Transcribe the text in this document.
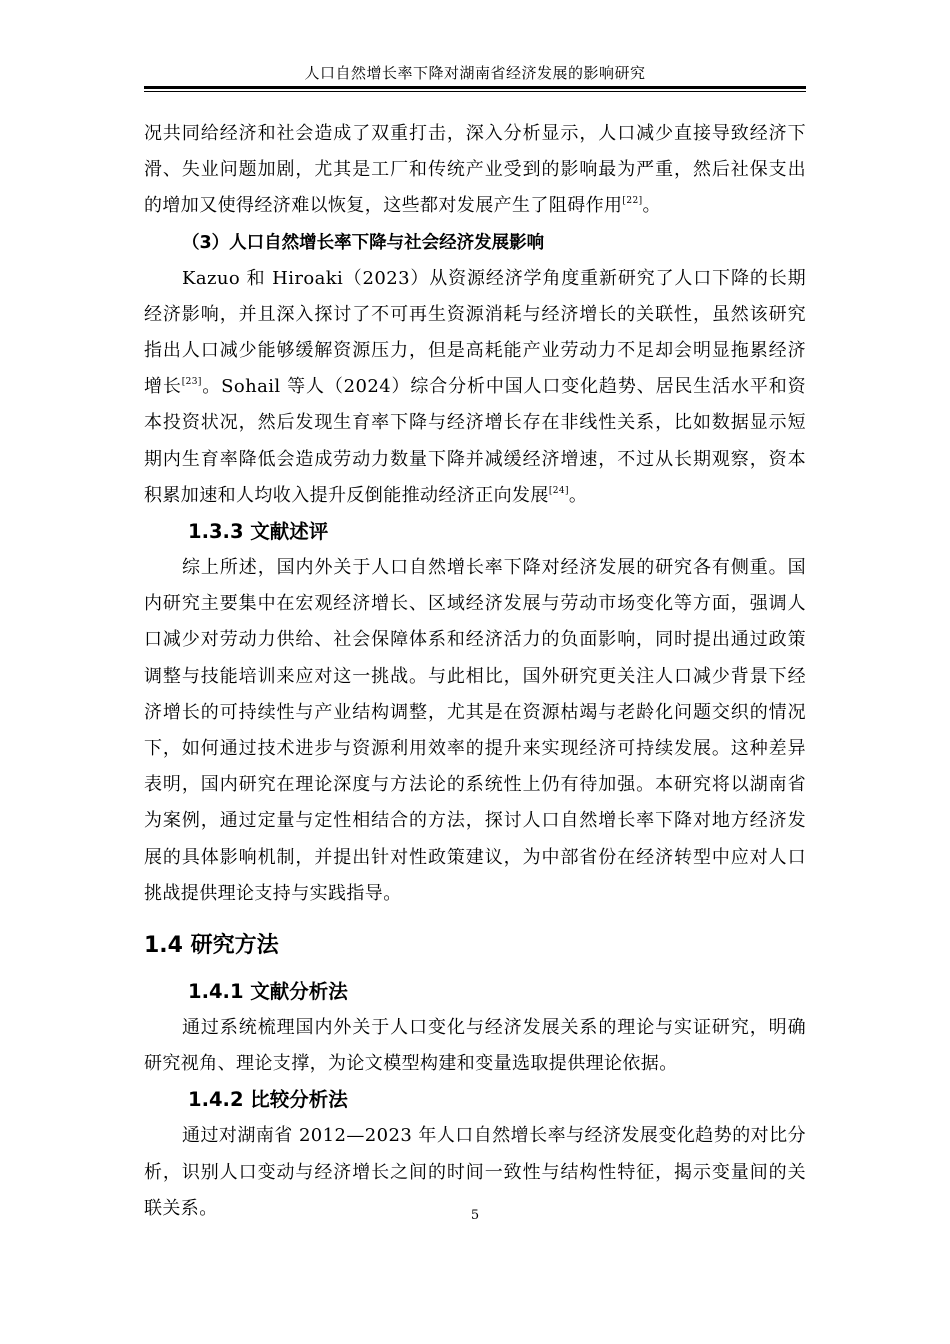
人口自然增长率下降对湖南省经济发展的影响研究

况共同给经济和社会造成了双重打击，深入分析显示，人口减少直接导致经济下滑、失业问题加剧，尤其是工厂和传统产业受到的影响最为严重，然后社保支出的增加又使得经济难以恢复，这些都对发展产生了阻碍作用[22]。

（3）人口自然增长率下降与社会经济发展影响

Kazuo 和 Hiroaki（2023）从资源经济学角度重新研究了人口下降的长期经济影响，并且深入探讨了不可再生资源消耗与经济增长的关联性，虽然该研究指出人口减少能够缓解资源压力，但是高耗能产业劳动力不足却会明显拖累经济增长[23]。Sohail 等人（2024）综合分析中国人口变化趋势、居民生活水平和资本投资状况，然后发现生育率下降与经济增长存在非线性关系，比如数据显示短期内生育率降低会造成劳动力数量下降并减缓经济增速，不过从长期观察，资本积累加速和人均收入提升反倒能推动经济正向发展[24]。

1.3.3 文献述评

综上所述，国内外关于人口自然增长率下降对经济发展的研究各有侧重。国内研究主要集中在宏观经济增长、区域经济发展与劳动市场变化等方面，强调人口减少对劳动力供给、社会保障体系和经济活力的负面影响，同时提出通过政策调整与技能培训来应对这一挑战。与此相比，国外研究更关注人口减少背景下经济增长的可持续性与产业结构调整，尤其是在资源枯竭与老龄化问题交织的情况下，如何通过技术进步与资源利用效率的提升来实现经济可持续发展。这种差异表明，国内研究在理论深度与方法论的系统性上仍有待加强。本研究将以湖南省为案例，通过定量与定性相结合的方法，探讨人口自然增长率下降对地方经济发展的具体影响机制，并提出针对性政策建议，为中部省份在经济转型中应对人口挑战提供理论支持与实践指导。

1.4 研究方法
1.4.1 文献分析法

通过系统梳理国内外关于人口变化与经济发展关系的理论与实证研究，明确研究视角、理论支撑，为论文模型构建和变量选取提供理论依据。

1.4.2 比较分析法

通过对湖南省 2012—2023 年人口自然增长率与经济发展变化趋势的对比分析，识别人口变动与经济增长之间的时间一致性与结构性特征，揭示变量间的关联关系。	5
